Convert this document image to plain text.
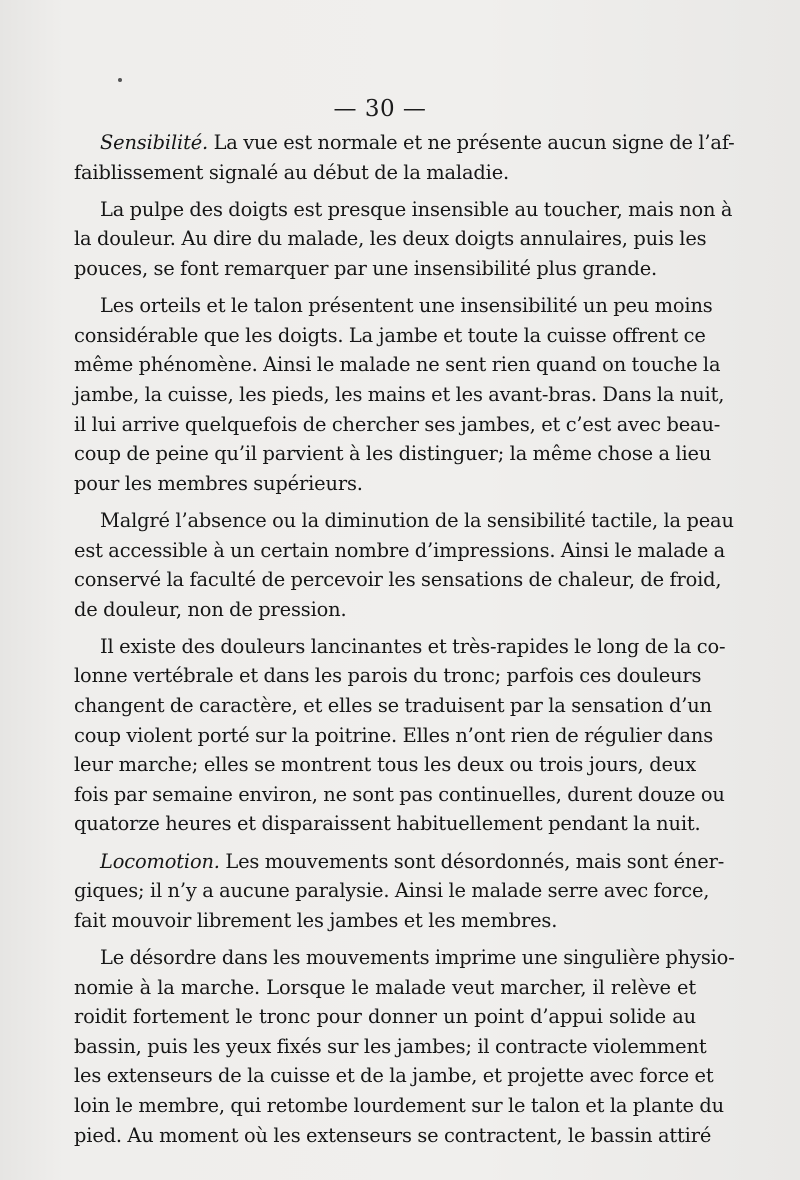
— 30 —
Sensibilité. La vue est normale et ne présente aucun signe de l’af-
faiblissement signalé au début de la maladie.
La pulpe des doigts est presque insensible au toucher, mais non à
la douleur. Au dire du malade, les deux doigts annulaires, puis les
pouces, se font remarquer par une insensibilité plus grande.
Les orteils et le talon présentent une insensibilité un peu moins
considérable que les doigts. La jambe et toute la cuisse offrent ce
même phénomène. Ainsi le malade ne sent rien quand on touche la
jambe, la cuisse, les pieds, les mains et les avant-bras. Dans la nuit,
il lui arrive quelquefois de chercher ses jambes, et c’est avec beau-
coup de peine qu’il parvient à les distinguer; la même chose a lieu
pour les membres supérieurs.
Malgré l’absence ou la diminution de la sensibilité tactile, la peau
est accessible à un certain nombre d’impressions. Ainsi le malade a
conservé la faculté de percevoir les sensations de chaleur, de froid,
de douleur, non de pression.
Il existe des douleurs lancinantes et très-rapides le long de la co-
lonne vertébrale et dans les parois du tronc; parfois ces douleurs
changent de caractère, et elles se traduisent par la sensation d’un
coup violent porté sur la poitrine. Elles n’ont rien de régulier dans
leur marche; elles se montrent tous les deux ou trois jours, deux
fois par semaine environ, ne sont pas continuelles, durent douze ou
quatorze heures et disparaissent habituellement pendant la nuit.
Locomotion. Les mouvements sont désordonnés, mais sont éner-
giques; il n’y a aucune paralysie. Ainsi le malade serre avec force,
fait mouvoir librement les jambes et les membres.
Le désordre dans les mouvements imprime une singulière physio-
nomie à la marche. Lorsque le malade veut marcher, il relève et
roidit fortement le tronc pour donner un point d’appui solide au
bassin, puis les yeux fixés sur les jambes; il contracte violemment
les extenseurs de la cuisse et de la jambe, et projette avec force et
loin le membre, qui retombe lourdement sur le talon et la plante du
pied. Au moment où les extenseurs se contractent, le bassin attiré
